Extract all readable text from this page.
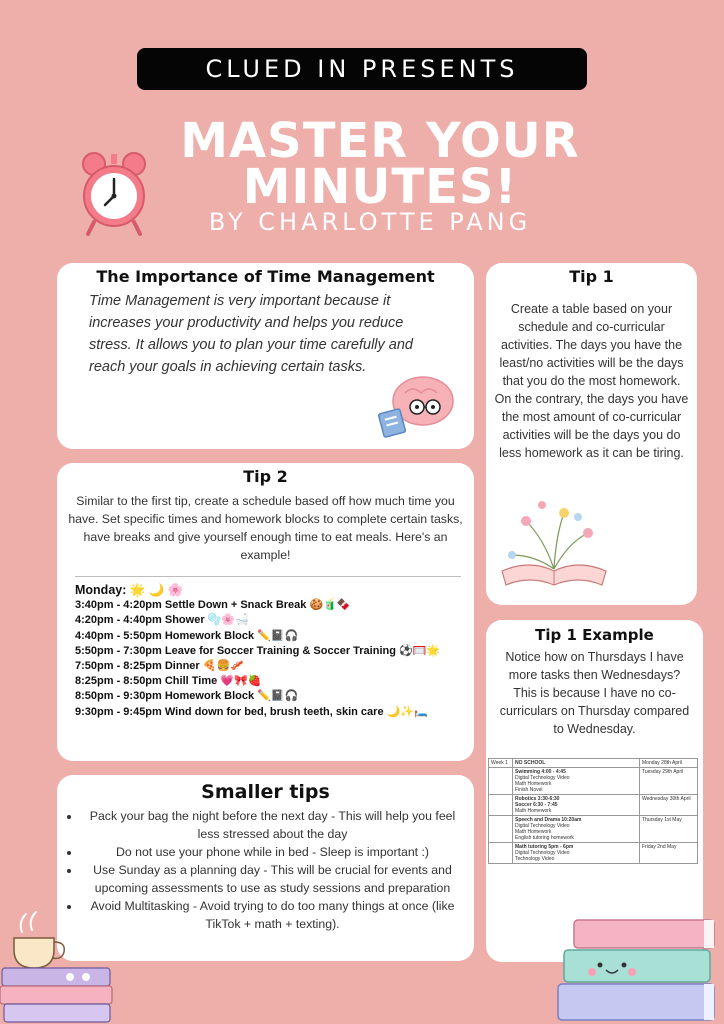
CLUED IN PRESENTS
MASTER YOUR
MINUTES!
BY CHARLOTTE PANG
The Importance of Time Management

Time Management is very important because it increases your productivity and helps you reduce stress. It allows you to plan your time carefully and reach your goals in achieving certain tasks.

Tip 1

Create a table based on your schedule and co-curricular activities. The days you have the least/no activities will be the days that you do the most homework. On the contrary, the days you have the most amount of co-curricular activities will be the days you do less homework as it can be tiring.

Tip 2

Similar to the first tip, create a schedule based off how much time you have. Set specific times and homework blocks to complete certain tasks, have breaks and give yourself enough time to eat meals. Here's an example!

Monday: 🌟 🌙 🌸
3:40pm - 4:20pm Settle Down + Snack Break 🍪🧃🍫
4:20pm - 4:40pm Shower 🫧🌸🛁
4:40pm - 5:50pm Homework Block ✏️📓🎧
5:50pm - 7:30pm Leave for Soccer Training & Soccer Training ⚽🥅🌟
7:50pm - 8:25pm Dinner 🍕🍔🥓
8:25pm - 8:50pm Chill Time 💗🎀🍓
8:50pm - 9:30pm Homework Block ✏️📓🎧
9:30pm - 9:45pm Wind down for bed, brush teeth, skin care 🌙✨🛏️
Smaller tips
• Pack your bag the night before the next day - This will help you feel less stressed about the day
• Do not use your phone while in bed - Sleep is important :)
• Use Sunday as a planning day - This will be crucial for events and upcoming assessments to use as study sessions and preparation
• Avoid Multitasking - Avoid trying to do too many things at once (like TikTok + math + texting).
Tip 1 Example

Notice how on Thursdays I have more tasks then Wednesdays? This is because I have no co-curriculars on Thursday compared to Wednesday.

Week 1	NO SCHOOL	Monday 28th April

	Swimming 4:00 - 4:45
Digital Technology Video
Math Homework
Finish Novel	Tuesday 29th April

	Robotics 3:30-6:30
Soccer 6:30 - 7:45
Math Homework	Wednesday 30th April

	Speech and Drama 10:20am
Digital Technology Video
Math Homework
English tutoring homework	Thursday 1st May

	Math tutoring 5pm - 6pm
Digital Technology Video
Technology Video	Friday 2nd May
